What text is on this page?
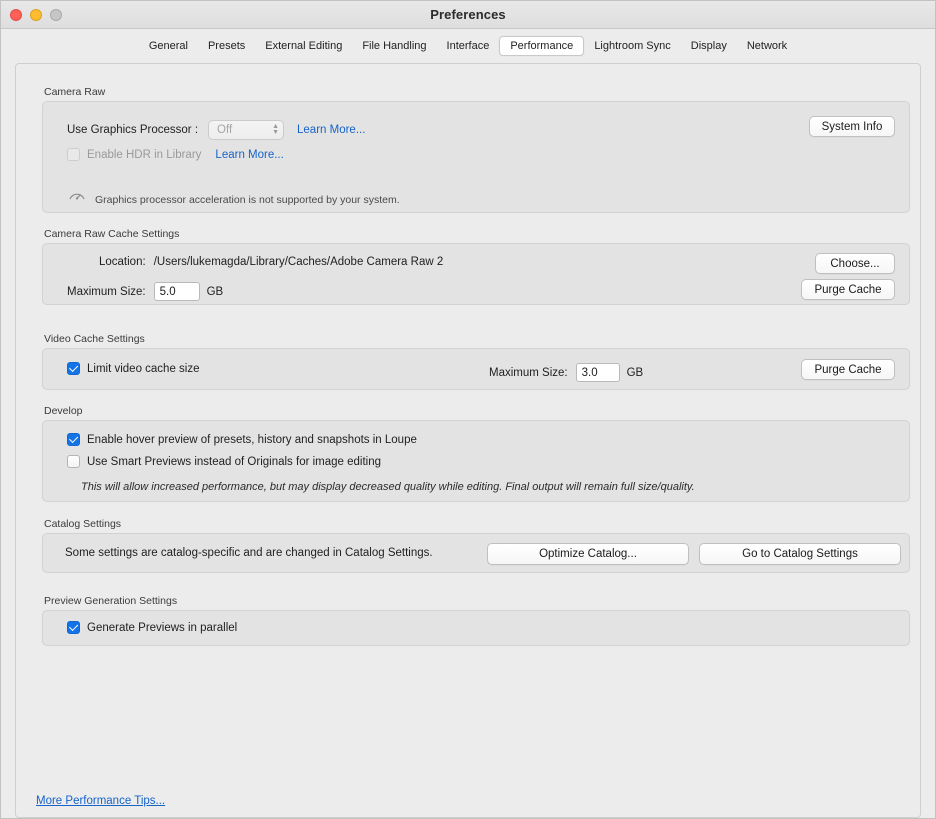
Preferences
General	Presets	External Editing	File Handling	Interface	Performance	Lightroom Sync	Display	Network
Camera Raw
Use Graphics Processor : Off	▲
▼ Learn More...
Enable HDR in Library Learn More...
System Info
Graphics processor acceleration is not supported by your system.
Camera Raw Cache Settings
Location: /Users/lukemagda/Library/Caches/Adobe Camera Raw 2
Maximum Size:	5.0	GB
Choose...
Purge Cache
Video Cache Settings
Limit video cache size	Maximum Size:	3.0	GB	Purge Cache
Develop
Enable hover preview of presets, history and snapshots in Loupe
Use Smart Previews instead of Originals for image editing
This will allow increased performance, but may display decreased quality while editing. Final output will remain full size/quality.
Catalog Settings
Some settings are catalog-specific and are changed in Catalog Settings.	Optimize Catalog...	Go to Catalog Settings
Preview Generation Settings
Generate Previews in parallel
More Performance Tips...
